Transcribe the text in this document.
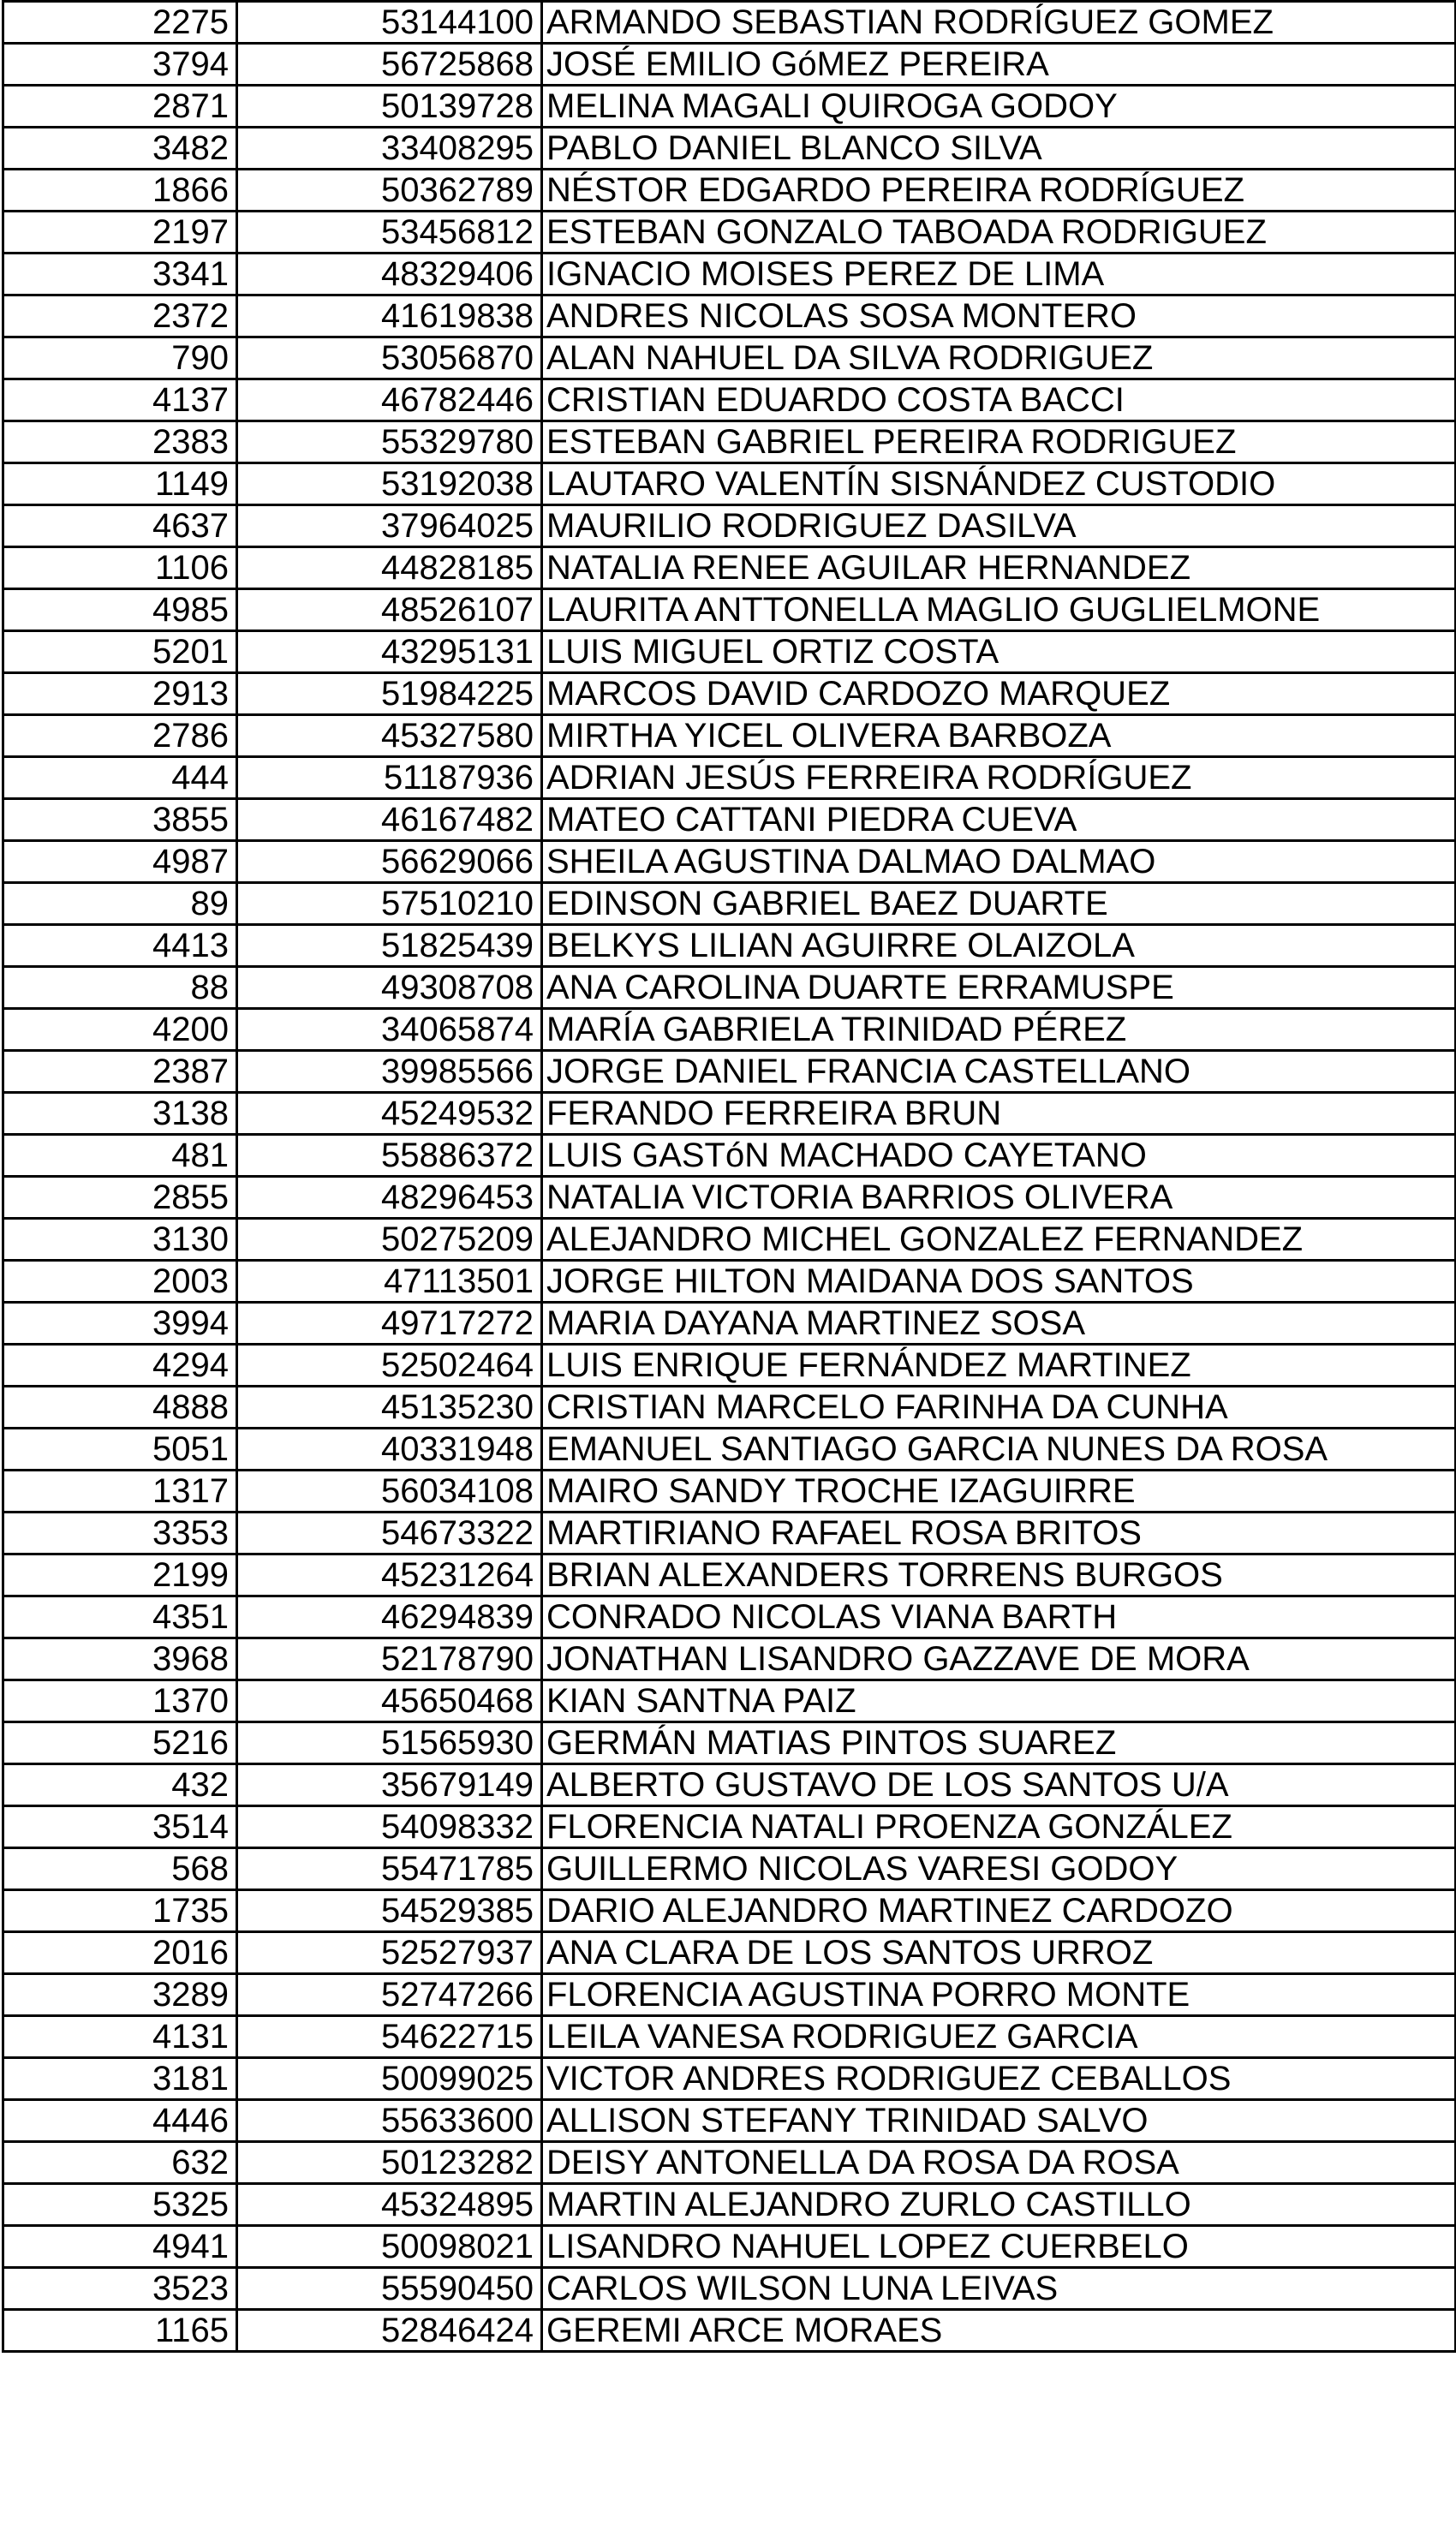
2275	53144100	ARMANDO SEBASTIAN RODRÍGUEZ GOMEZ
3794	56725868	JOSÉ EMILIO GóMEZ PEREIRA
2871	50139728	MELINA MAGALI QUIROGA GODOY
3482	33408295	PABLO DANIEL BLANCO SILVA
1866	50362789	NÉSTOR EDGARDO PEREIRA RODRÍGUEZ
2197	53456812	ESTEBAN GONZALO TABOADA RODRIGUEZ
3341	48329406	IGNACIO MOISES PEREZ DE LIMA
2372	41619838	ANDRES NICOLAS SOSA MONTERO
790	53056870	ALAN NAHUEL DA SILVA RODRIGUEZ
4137	46782446	CRISTIAN EDUARDO COSTA BACCI
2383	55329780	ESTEBAN GABRIEL PEREIRA RODRIGUEZ
1149	53192038	LAUTARO VALENTÍN SISNÁNDEZ CUSTODIO
4637	37964025	MAURILIO RODRIGUEZ DASILVA
1106	44828185	NATALIA RENEE AGUILAR HERNANDEZ
4985	48526107	LAURITA ANTTONELLA MAGLIO GUGLIELMONE
5201	43295131	LUIS MIGUEL ORTIZ COSTA
2913	51984225	MARCOS DAVID CARDOZO MARQUEZ
2786	45327580	MIRTHA YICEL OLIVERA BARBOZA
444	51187936	ADRIAN JESÚS FERREIRA RODRÍGUEZ
3855	46167482	MATEO CATTANI PIEDRA CUEVA
4987	56629066	SHEILA AGUSTINA DALMAO DALMAO
89	57510210	EDINSON GABRIEL BAEZ DUARTE
4413	51825439	BELKYS LILIAN AGUIRRE OLAIZOLA
88	49308708	ANA CAROLINA DUARTE ERRAMUSPE
4200	34065874	MARÍA GABRIELA TRINIDAD PÉREZ
2387	39985566	JORGE DANIEL FRANCIA CASTELLANO
3138	45249532	FERANDO FERREIRA BRUN
481	55886372	LUIS GASTóN MACHADO CAYETANO
2855	48296453	NATALIA VICTORIA BARRIOS OLIVERA
3130	50275209	ALEJANDRO MICHEL GONZALEZ FERNANDEZ
2003	47113501	JORGE HILTON MAIDANA DOS SANTOS
3994	49717272	MARIA DAYANA MARTINEZ SOSA
4294	52502464	LUIS ENRIQUE FERNÁNDEZ MARTINEZ
4888	45135230	CRISTIAN MARCELO FARINHA DA CUNHA
5051	40331948	EMANUEL SANTIAGO GARCIA NUNES DA ROSA
1317	56034108	MAIRO SANDY TROCHE IZAGUIRRE
3353	54673322	MARTIRIANO RAFAEL ROSA BRITOS
2199	45231264	BRIAN ALEXANDERS TORRENS BURGOS
4351	46294839	CONRADO NICOLAS VIANA BARTH
3968	52178790	JONATHAN LISANDRO GAZZAVE DE MORA
1370	45650468	KIAN SANTNA PAIZ
5216	51565930	GERMÁN MATIAS PINTOS SUAREZ
432	35679149	ALBERTO GUSTAVO DE LOS SANTOS U/A
3514	54098332	FLORENCIA NATALI PROENZA GONZÁLEZ
568	55471785	GUILLERMO NICOLAS VARESI GODOY
1735	54529385	DARIO ALEJANDRO MARTINEZ CARDOZO
2016	52527937	ANA CLARA DE LOS SANTOS URROZ
3289	52747266	FLORENCIA AGUSTINA PORRO MONTE
4131	54622715	LEILA VANESA RODRIGUEZ GARCIA
3181	50099025	VICTOR ANDRES RODRIGUEZ CEBALLOS
4446	55633600	ALLISON STEFANY TRINIDAD SALVO
632	50123282	DEISY ANTONELLA DA ROSA DA ROSA
5325	45324895	MARTIN ALEJANDRO ZURLO CASTILLO
4941	50098021	LISANDRO NAHUEL LOPEZ CUERBELO
3523	55590450	CARLOS WILSON LUNA LEIVAS
1165	52846424	GEREMI ARCE MORAES
